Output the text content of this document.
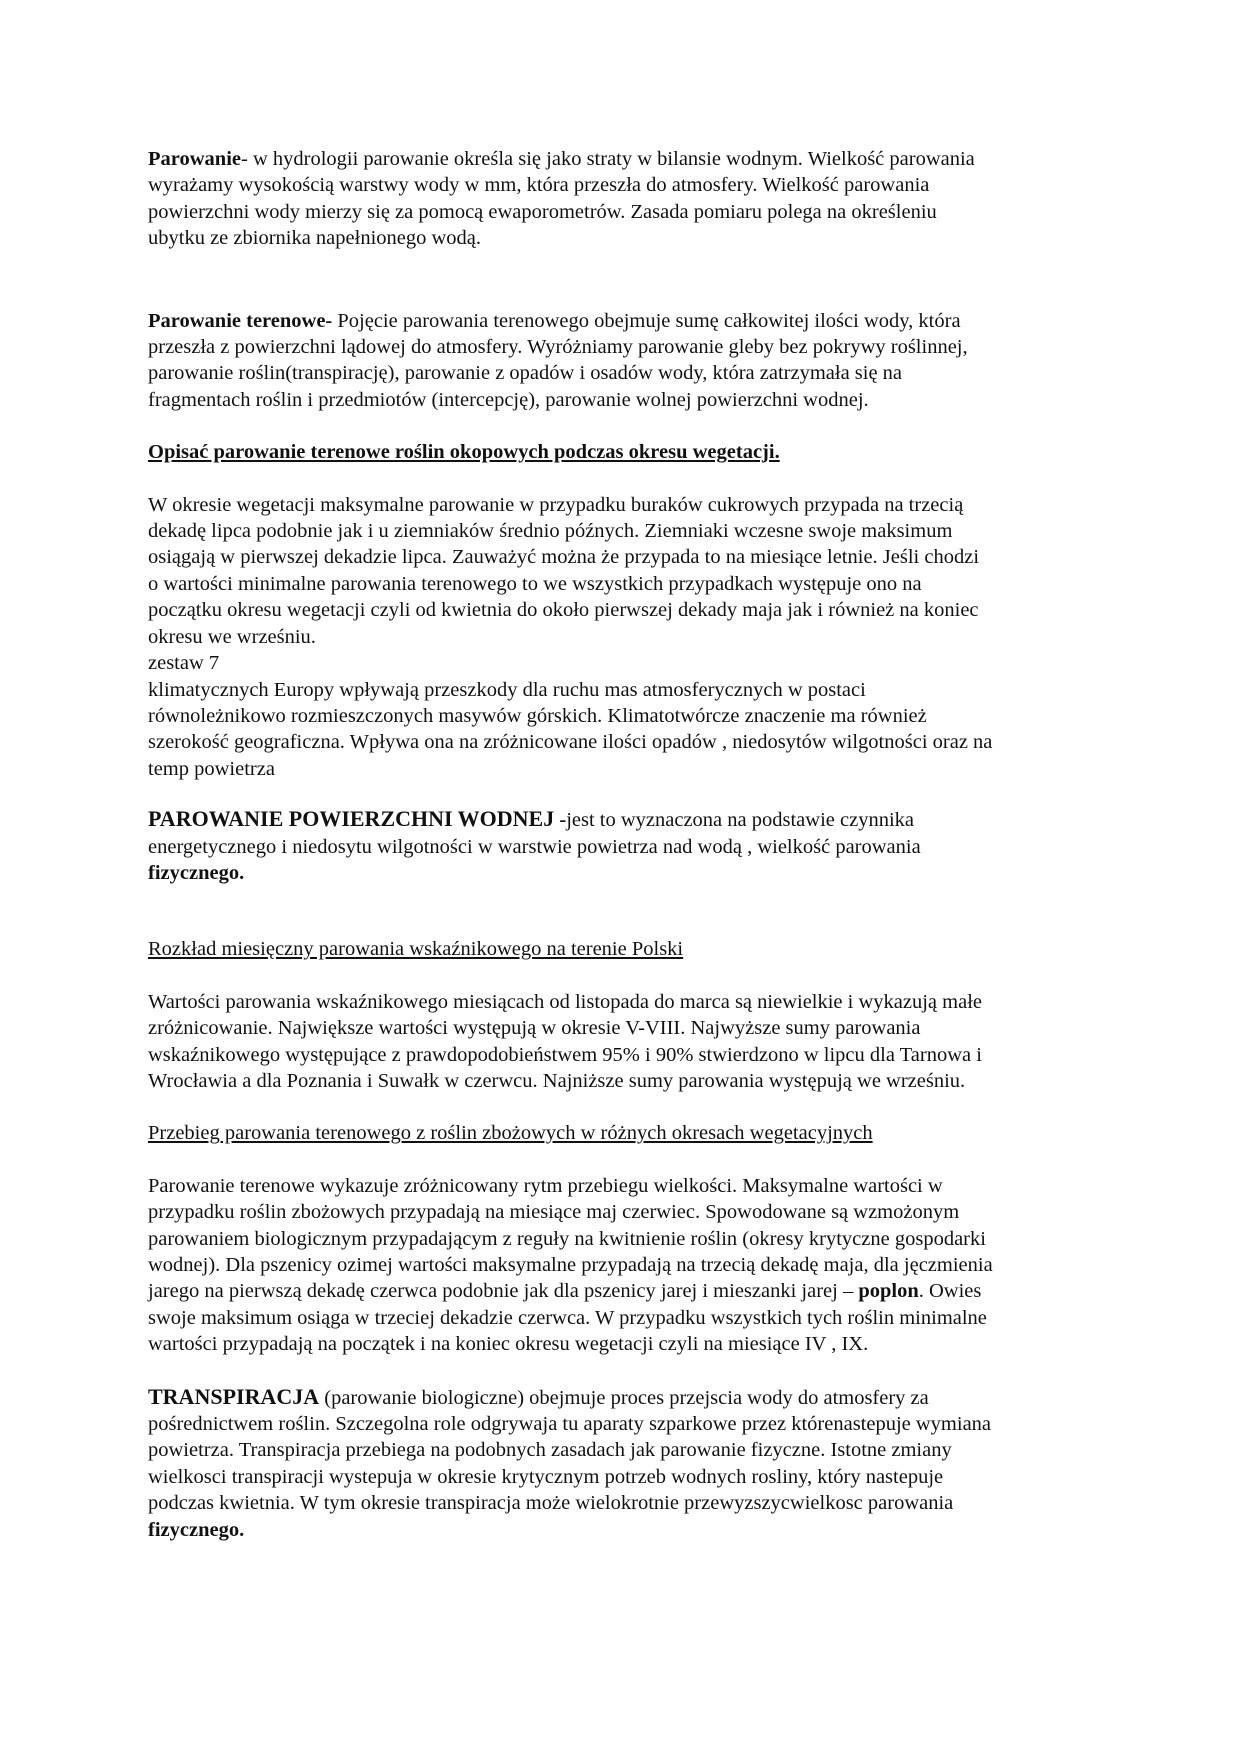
Parowanie- w hydrologii parowanie określa się jako straty w bilansie wodnym. Wielkość parowania
wyrażamy wysokością warstwy wody w mm, która przeszła do atmosfery. Wielkość parowania
powierzchni wody mierzy się za pomocą ewaporometrów. Zasada pomiaru polega na określeniu
ubytku ze zbiornika napełnionego wodą.

Parowanie terenowe- Pojęcie parowania terenowego obejmuje sumę całkowitej ilości wody, która
przeszła z powierzchni lądowej do atmosfery. Wyróżniamy parowanie gleby bez pokrywy roślinnej,
parowanie roślin(transpirację), parowanie z opadów i osadów wody, która zatrzymała się na
fragmentach roślin i przedmiotów (intercepcję), parowanie wolnej powierzchni wodnej.

Opisać parowanie terenowe roślin okopowych podczas okresu wegetacji.

W okresie wegetacji maksymalne parowanie w przypadku buraków cukrowych przypada na trzecią
dekadę lipca podobnie jak i u ziemniaków średnio późnych. Ziemniaki wczesne swoje maksimum
osiągają w pierwszej dekadzie lipca. Zauważyć można że przypada to na miesiące letnie. Jeśli chodzi
o wartości minimalne parowania terenowego to we wszystkich przypadkach występuje ono na
początku okresu wegetacji czyli od kwietnia do około pierwszej dekady maja jak i również na koniec
okresu we wrześniu.
zestaw 7
klimatycznych Europy wpływają przeszkody dla ruchu mas atmosferycznych w postaci
równoleżnikowo rozmieszczonych masywów górskich. Klimatotwórcze znaczenie ma również
szerokość geograficzna. Wpływa ona na zróżnicowane ilości opadów , niedosytów wilgotności oraz na
temp powietrza

PAROWANIE POWIERZCHNI WODNEJ -jest to wyznaczona na podstawie czynnika
energetycznego i niedosytu wilgotności w warstwie powietrza nad wodą , wielkość parowania
fizycznego.

Rozkład miesięczny parowania wskaźnikowego na terenie Polski

Wartości parowania wskaźnikowego miesiącach od listopada do marca są niewielkie i wykazują małe
zróżnicowanie. Największe wartości występują w okresie V-VIII. Najwyższe sumy parowania
wskaźnikowego występujące z prawdopodobieństwem 95% i 90% stwierdzono w lipcu dla Tarnowa i
Wrocławia a dla Poznania i Suwałk w czerwcu. Najniższe sumy parowania występują we wrześniu.

Przebieg parowania terenowego z roślin zbożowych w różnych okresach wegetacyjnych

Parowanie terenowe wykazuje zróżnicowany rytm przebiegu wielkości. Maksymalne wartości w
przypadku roślin zbożowych przypadają na miesiące maj czerwiec. Spowodowane są wzmożonym
parowaniem biologicznym przypadającym z reguły na kwitnienie roślin (okresy krytyczne gospodarki
wodnej). Dla pszenicy ozimej wartości maksymalne przypadają na trzecią dekadę maja, dla jęczmienia
jarego na pierwszą dekadę czerwca podobnie jak dla pszenicy jarej i mieszanki jarej – poplon. Owies
swoje maksimum osiąga w trzeciej dekadzie czerwca. W przypadku wszystkich tych roślin minimalne
wartości przypadają na początek i na koniec okresu wegetacji czyli na miesiące IV , IX.

TRANSPIRACJA (parowanie biologiczne) obejmuje proces przejscia wody do atmosfery za
pośrednictwem roślin. Szczegolna role odgrywaja tu aparaty szparkowe przez którenastepuje wymiana
powietrza. Transpiracja przebiega na podobnych zasadach jak parowanie fizyczne. Istotne zmiany
wielkosci transpiracji wystepuja w okresie krytycznym potrzeb wodnych rosliny, który nastepuje
podczas kwietnia. W tym okresie transpiracja może wielokrotnie przewyzszycwielkosc parowania
fizycznego.
